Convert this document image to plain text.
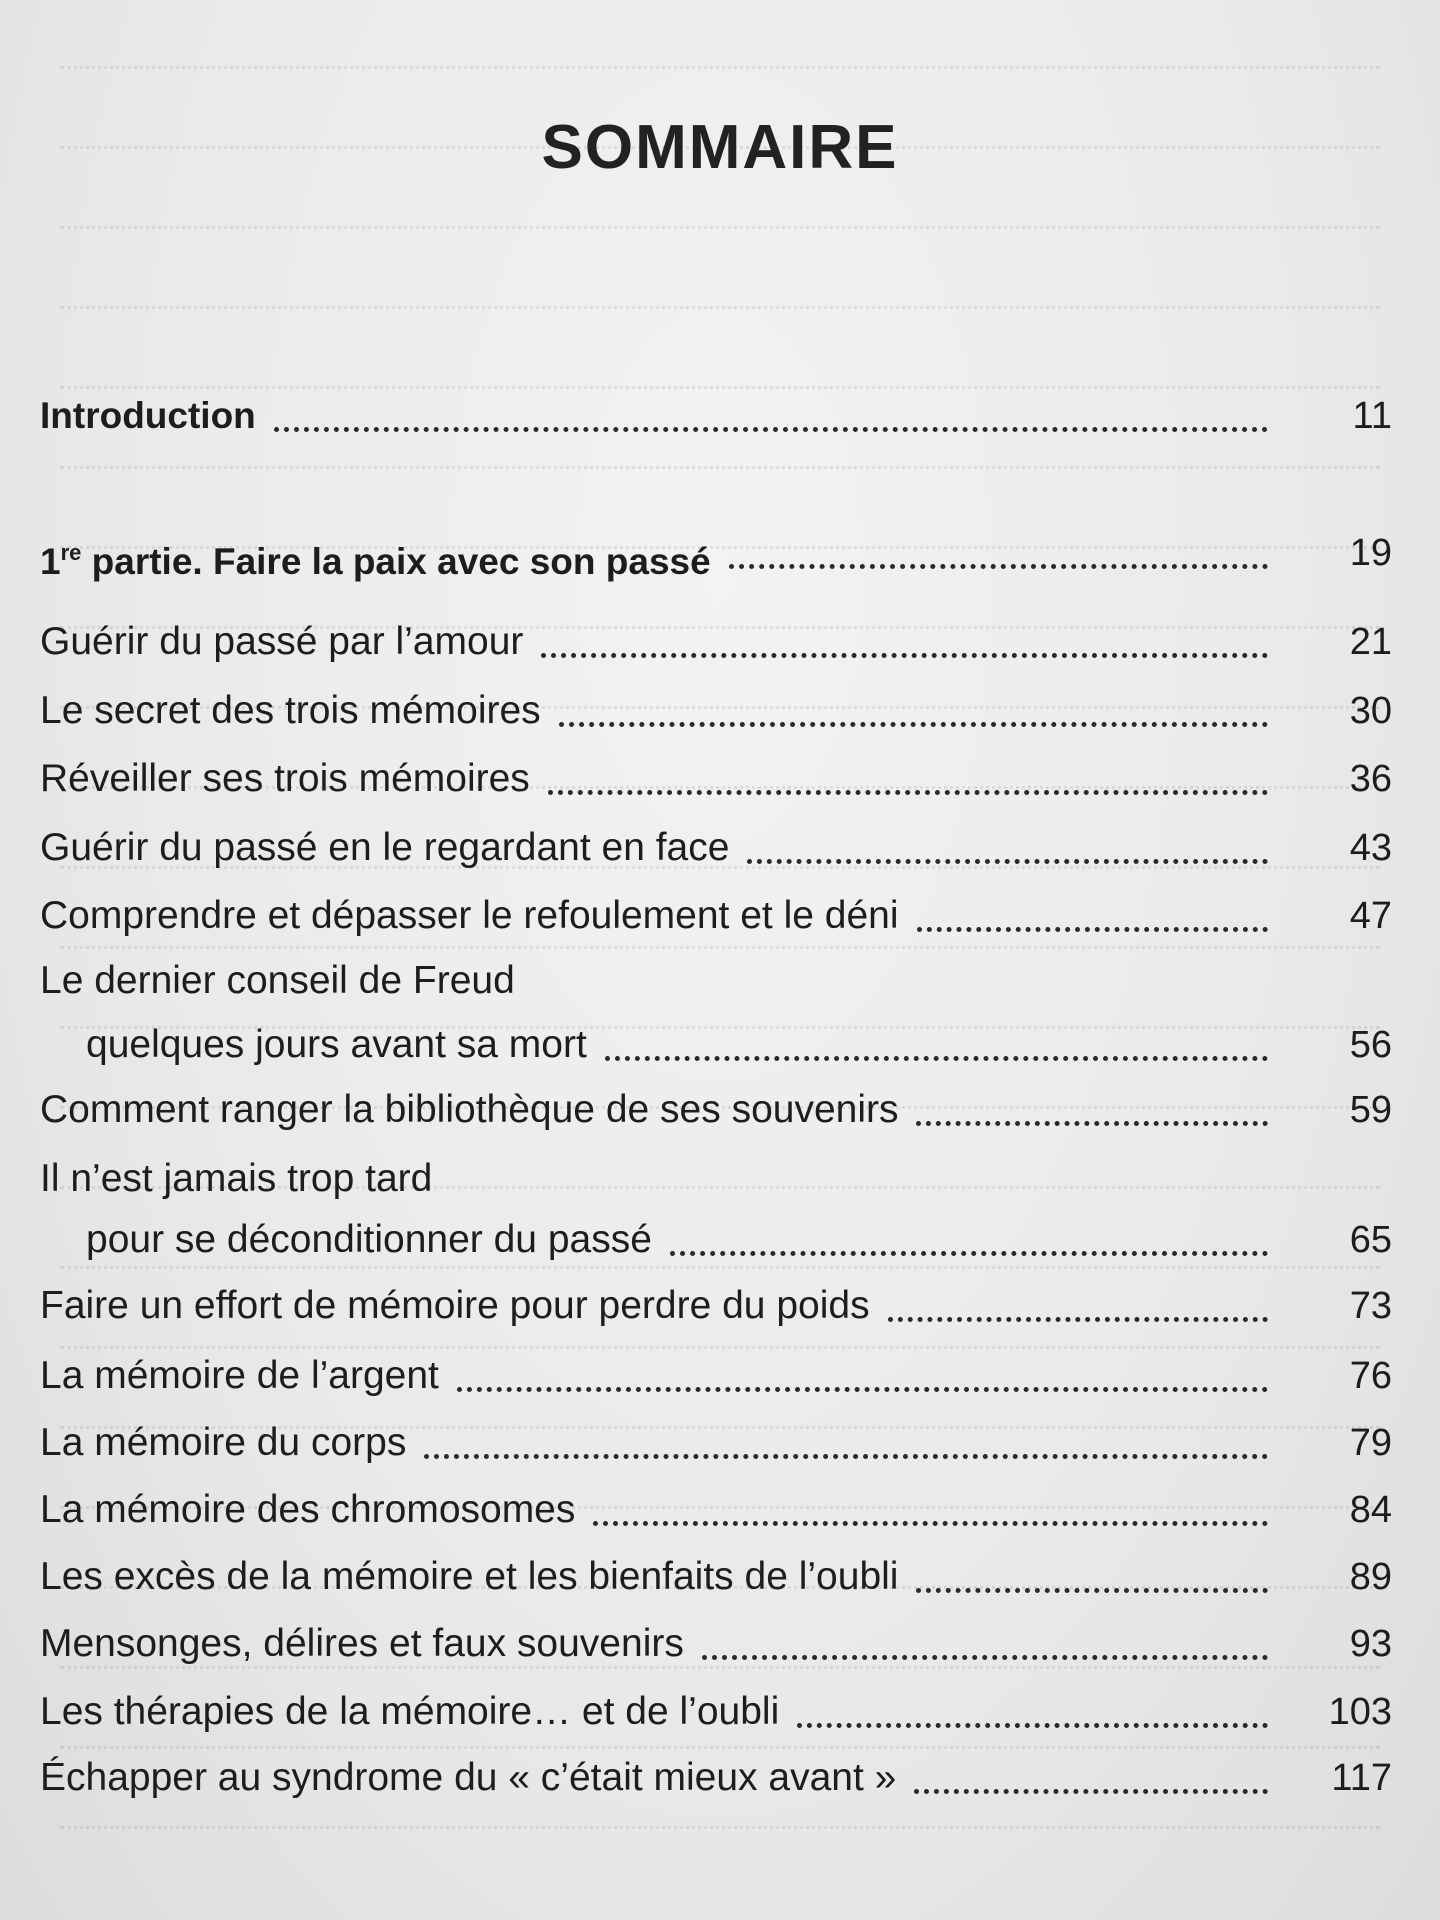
SOMMAIRE
Introduction	11
1re partie. Faire la paix avec son passé	19
Guérir du passé par l’amour	21
Le secret des trois mémoires	30
Réveiller ses trois mémoires	36
Guérir du passé en le regardant en face	43
Comprendre et dépasser le refoulement et le déni	47
Le dernier conseil de Freud
quelques jours avant sa mort	56
Comment ranger la bibliothèque de ses souvenirs	59
Il n’est jamais trop tard
pour se déconditionner du passé	65
Faire un effort de mémoire pour perdre du poids	73
La mémoire de l’argent	76
La mémoire du corps	79
La mémoire des chromosomes	84
Les excès de la mémoire et les bienfaits de l’oubli	89
Mensonges, délires et faux souvenirs	93
Les thérapies de la mémoire… et de l’oubli	103
Échapper au syndrome du « c’était mieux avant »	117
